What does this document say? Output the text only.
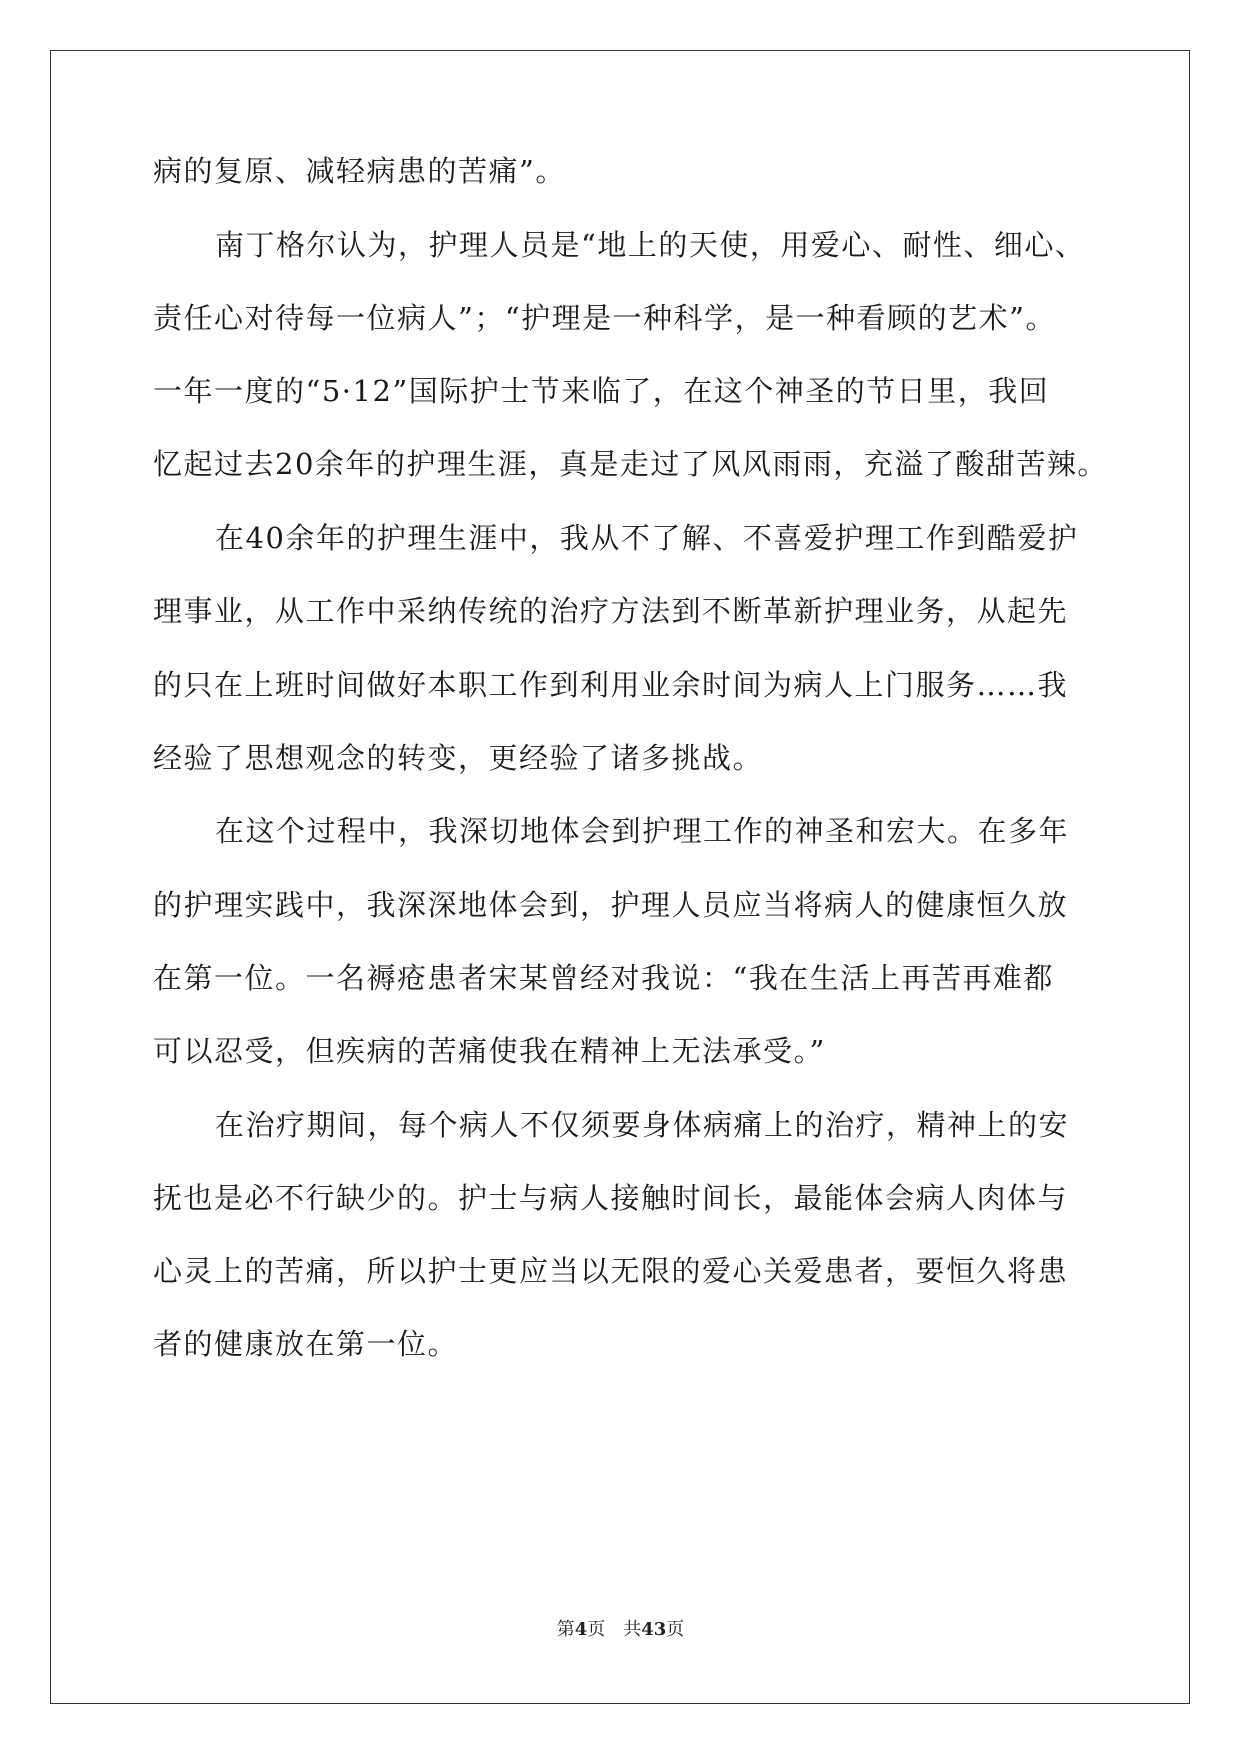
病的复原、减轻病患的苦痛”。
南丁格尔认为，护理人员是“地上的天使，用爱心、耐性、细心、
责任心对待每一位病人”；“护理是一种科学，是一种看顾的艺术”。
一年一度的“5·12”国际护士节来临了，在这个神圣的节日里，我回
忆起过去20余年的护理生涯，真是走过了风风雨雨，充溢了酸甜苦辣。
在40余年的护理生涯中，我从不了解、不喜爱护理工作到酷爱护
理事业，从工作中采纳传统的治疗方法到不断革新护理业务，从起先
的只在上班时间做好本职工作到利用业余时间为病人上门服务……我
经验了思想观念的转变，更经验了诸多挑战。
在这个过程中，我深切地体会到护理工作的神圣和宏大。在多年
的护理实践中，我深深地体会到，护理人员应当将病人的健康恒久放
在第一位。一名褥疮患者宋某曾经对我说：“我在生活上再苦再难都
可以忍受，但疾病的苦痛使我在精神上无法承受。”
在治疗期间，每个病人不仅须要身体病痛上的治疗，精神上的安
抚也是必不行缺少的。护士与病人接触时间长，最能体会病人肉体与
心灵上的苦痛，所以护士更应当以无限的爱心关爱患者，要恒久将患
者的健康放在第一位。
第4页 共43页
